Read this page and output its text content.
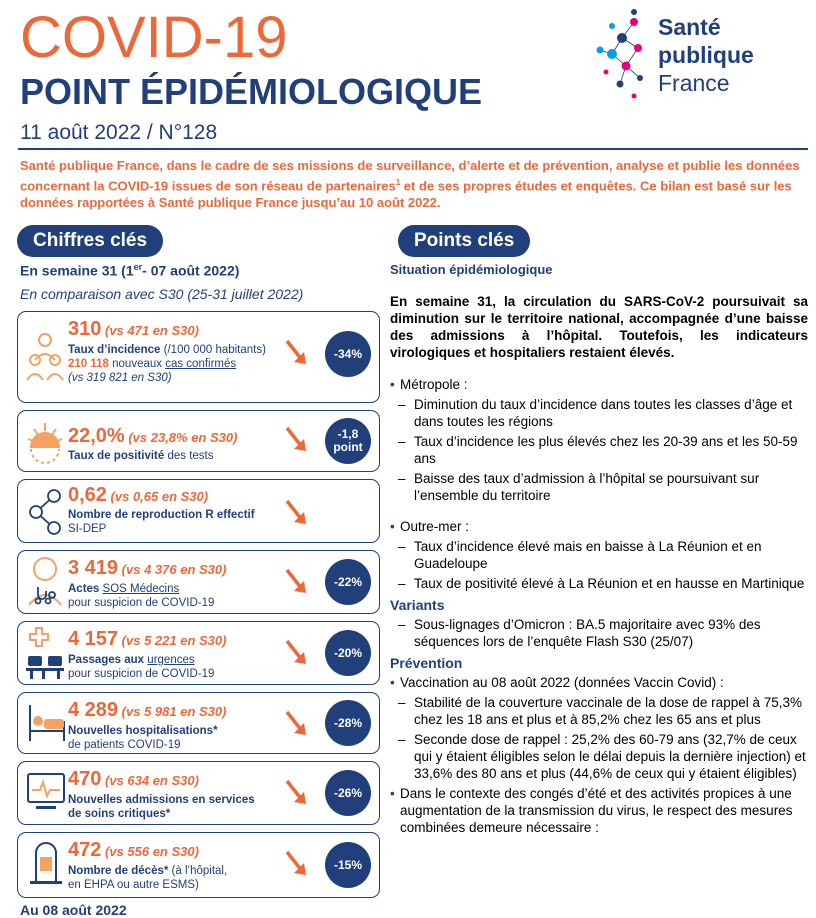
COVID-19
POINT ÉPIDÉMIOLOGIQUE
11 août 2022 / N°128
Santé
publique
France
Santé publique France, dans le cadre de ses missions de surveillance, d’alerte et de prévention, analyse et publie les données concernant la COVID-19 issues de son réseau de partenaires$^1$ et de ses propres études et enquêtes. Ce bilan est basé sur les données rapportées à Santé publique France jusqu’au 10 août 2022.
Chiffres clés
En semaine 31 (1er- 07 août 2022)
En comparaison avec S30 (25-31 juillet 2022)
310 (vs 471 en S30)
Taux d’incidence (/100 000 habitants)
210 118 nouveaux cas confirmés
(vs 319 821 en S30)
-34%
22,0% (vs 23,8% en S30)
Taux de positivité des tests
-1,8
point
0,62 (vs 0,65 en S30)
Nombre de reproduction R effectif
SI-DEP
3 419 (vs 4 376 en S30)
Actes SOS Médecins
pour suspicion de COVID-19
-22%
4 157 (vs 5 221 en S30)
Passages aux urgences
pour suspicion de COVID-19
-20%
4 289 (vs 5 981 en S30)
Nouvelles hospitalisations*
de patients COVID-19
-28%
470 (vs 634 en S30)
Nouvelles admissions en services
de soins critiques*
-26%
472 (vs 556 en S30)
Nombre de décès* (à l’hôpital,
en EHPA ou autre ESMS)
-15%
Au 08 août 2022
Points clés
Situation épidémiologique
En semaine 31, la circulation du SARS-CoV-2 poursuivait sa diminution sur le territoire national, accompagnée d’une baisse des admissions à l’hôpital. Toutefois, les indicateurs virologiques et hospitaliers restaient élevés.
• Métropole :
– Diminution du taux d’incidence dans toutes les classes d’âge et dans toutes les régions
– Taux d’incidence les plus élevés chez les 20-39 ans et les 50-59 ans
– Baisse des taux d’admission à l’hôpital se poursuivant sur l’ensemble du territoire
• Outre-mer :
– Taux d’incidence élevé mais en baisse à La Réunion et en Guadeloupe
– Taux de positivité élevé à La Réunion et en hausse en Martinique
Variants
– Sous-lignages d’Omicron : BA.5 majoritaire avec 93% des séquences lors de l’enquête Flash S30 (25/07)
Prévention
• Vaccination au 08 août 2022 (données Vaccin Covid) :
– Stabilité de la couverture vaccinale de la dose de rappel à 75,3% chez les 18 ans et plus et à 85,2% chez les 65 ans et plus
– Seconde dose de rappel : 25,2% des 60-79 ans (32,7% de ceux qui y étaient éligibles selon le délai depuis la dernière injection) et 33,6% des 80 ans et plus (44,6% de ceux qui y étaient éligibles)
• Dans le contexte des congés d’été et des activités propices à une augmentation de la transmission du virus, le respect des mesures combinées demeure nécessaire :
